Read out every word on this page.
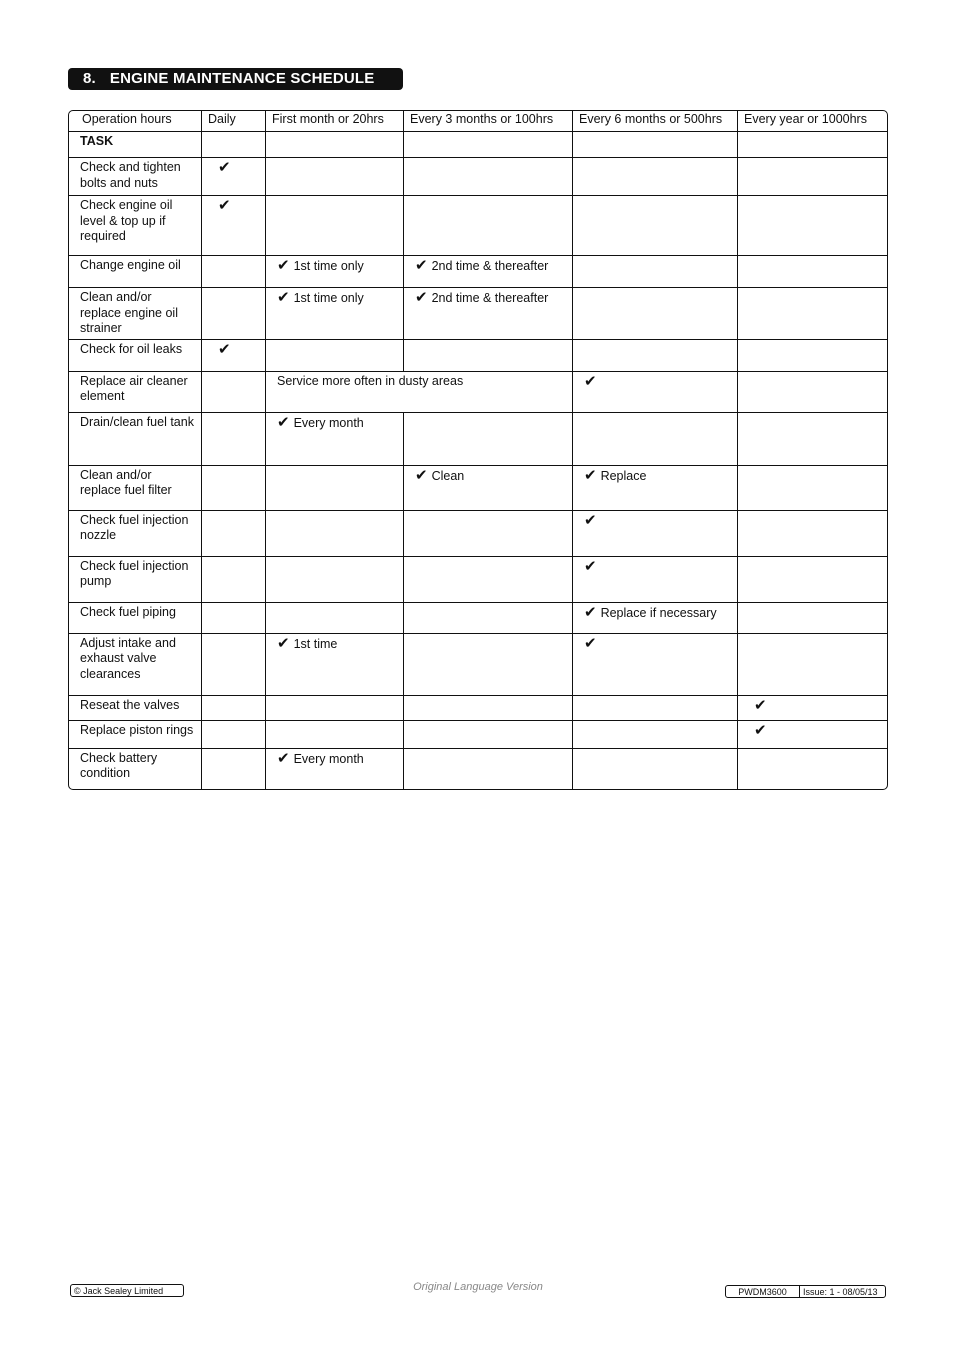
8. ENGINE MAINTENANCE SCHEDULE
Operation hours	Daily	First month or 20hrs	Every 3 months or 100hrs	Every 6 months or 500hrs	Every year or 1000hrs
TASK					
Check and tighten bolts and nuts	✔				
Check engine oil level & top up if required	✔				
Change engine oil		✔ 1st time only	✔ 2nd time & thereafter		
Clean and/or replace engine oil strainer		✔ 1st time only	✔ 2nd time & thereafter		
Check for oil leaks	✔				
Replace air cleaner element		Service more often in dusty areas		✔	
Drain/clean fuel tank		✔ Every month			
Clean and/or replace fuel filter			✔ Clean	✔ Replace	
Check fuel injection nozzle				✔	
Check fuel injection pump				✔	
Check fuel piping				✔ Replace if necessary	
Adjust intake and exhaust valve clearances		✔ 1st time		✔	
Reseat the valves					✔
Replace piston rings					✔
Check battery condition		✔ Every month			
© Jack Sealey Limited	Original Language Version	PWDM3600	Issue: 1 - 08/05/13
